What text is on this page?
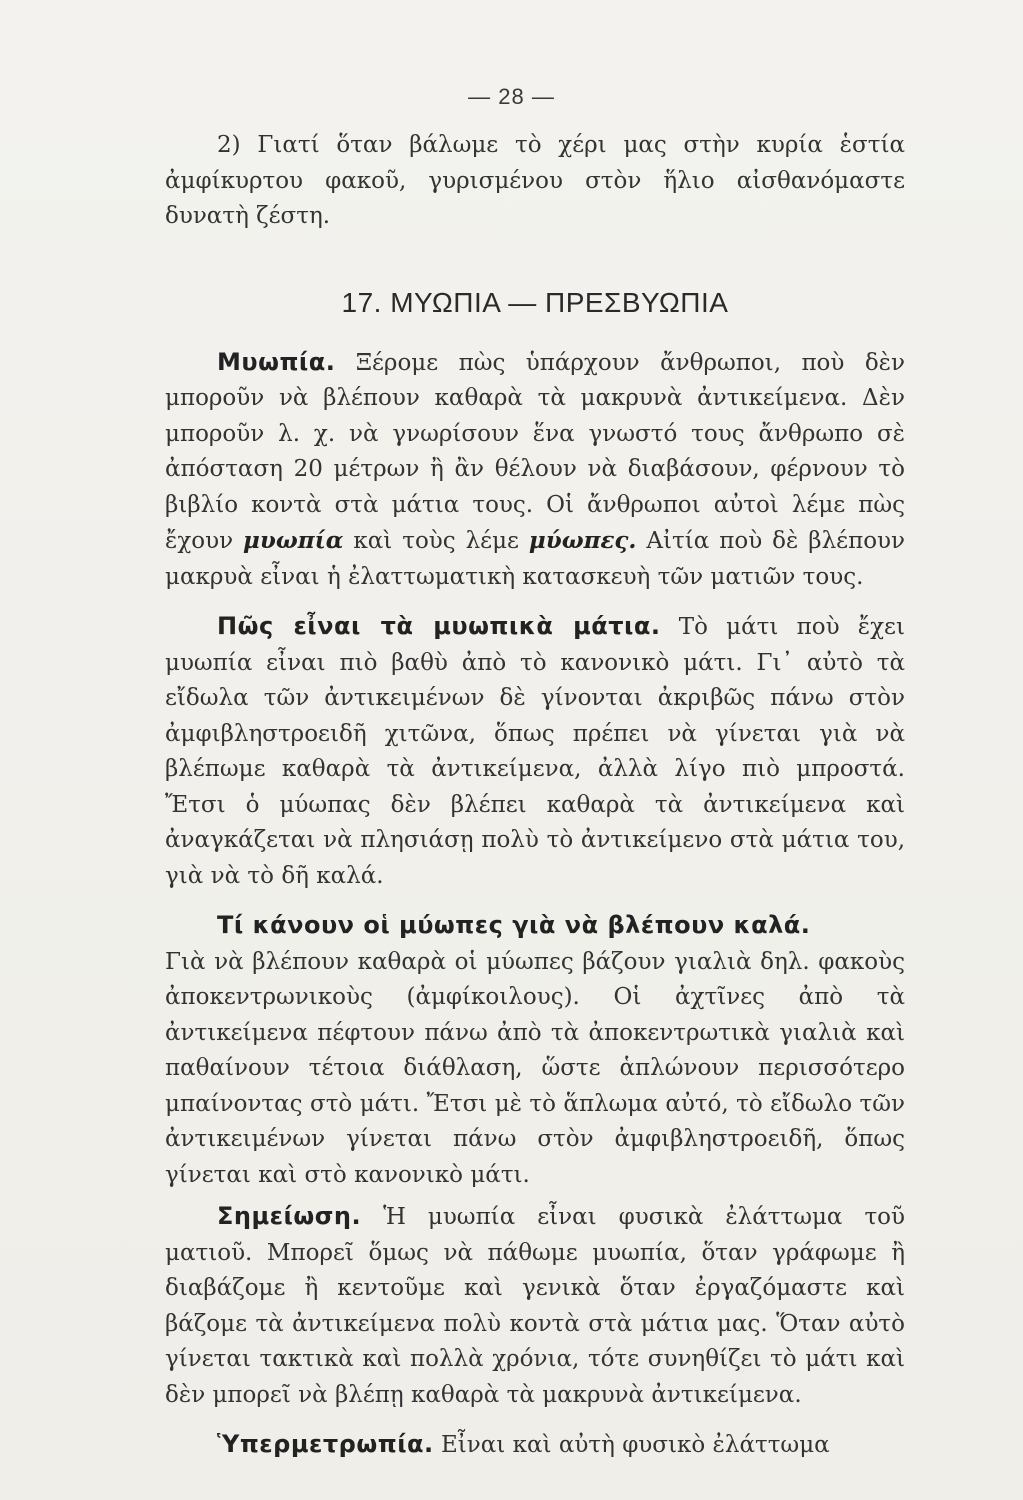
— 28 —

2) Γιατί ὅταν βάλωμε τὸ χέρι μας στὴν κυρία ἑστία ἀμφίκυρτου φακοῦ, γυρισμένου στὸν ἥλιο αἰσθανόμαστε δυνατὴ ζέστη.

17. ΜΥΩΠΙΑ — ΠΡΕΣΒΥΩΠΙΑ

Μυωπία. Ξέρομε πὼς ὑπάρχουν ἄνθρωποι, ποὺ δὲν μποροῦν νὰ βλέπουν καθαρὰ τὰ μακρυνὰ ἀντικείμενα. Δὲν μποροῦν λ. χ. νὰ γνωρίσουν ἕνα γνωστό τους ἄνθρωπο σὲ ἀπόσταση 20 μέτρων ἢ ἂν θέλουν νὰ διαβάσουν, φέρνουν τὸ βιβλίο κοντὰ στὰ μάτια τους. Οἱ ἄνθρωποι αὐτοὶ λέμε πὼς ἔχουν μυωπία καὶ τοὺς λέμε μύωπες. Αἰτία ποὺ δὲ βλέπουν μακρυὰ εἶναι ἡ ἐλαττωματικὴ κατασκευὴ τῶν ματιῶν τους.

Πῶς εἶναι τὰ μυωπικὰ μάτια. Τὸ μάτι ποὺ ἔχει μυωπία εἶναι πιὸ βαθὺ ἀπὸ τὸ κανονικὸ μάτι. Γι᾿ αὐτὸ τὰ εἴδωλα τῶν ἀντικειμένων δὲ γίνονται ἀκριβῶς πάνω στὸν ἀμφιβληστροειδῆ χιτῶνα, ὅπως πρέπει νὰ γίνεται γιὰ νὰ βλέπωμε καθαρὰ τὰ ἀντικείμενα, ἀλλὰ λίγο πιὸ μπροστά. Ἔτσι ὁ μύωπας δὲν βλέπει καθαρὰ τὰ ἀντικείμενα καὶ ἀναγκάζεται νὰ πλησιάσῃ πολὺ τὸ ἀντικείμενο στὰ μάτια του, γιὰ νὰ τὸ δῆ καλά.

Τί κάνουν οἱ μύωπες γιὰ νὰ βλέπουν καλά.

Γιὰ νὰ βλέπουν καθαρὰ οἱ μύωπες βάζουν γιαλιὰ δηλ. φακοὺς ἀποκεντρωνικοὺς (ἀμφίκοιλους). Οἱ ἀχτῖνες ἀπὸ τὰ ἀντικείμενα πέφτουν πάνω ἀπὸ τὰ ἀποκεντρωτικὰ γιαλιὰ καὶ παθαίνουν τέτοια διάθλαση, ὥστε ἁπλώνουν περισσότερο μπαίνοντας στὸ μάτι. Ἔτσι μὲ τὸ ἅπλωμα αὐτό, τὸ εἴδωλο τῶν ἀντικειμένων γίνεται πάνω στὸν ἀμφιβληστροειδῆ, ὅπως γίνεται καὶ στὸ κανονικὸ μάτι.

Σημείωση. Ἡ μυωπία εἶναι φυσικὰ ἐλάττωμα τοῦ ματιοῦ. Μπορεῖ ὅμως νὰ πάθωμε μυωπία, ὅταν γράφωμε ἢ διαβάζομε ἢ κεντοῦμε καὶ γενικὰ ὅταν ἐργαζόμαστε καὶ βάζομε τὰ ἀντικείμενα πολὺ κοντὰ στὰ μάτια μας. Ὅταν αὐτὸ γίνεται τακτικὰ καὶ πολλὰ χρόνια, τότε συνηθίζει τὸ μάτι καὶ δὲν μπορεῖ νὰ βλέπῃ καθαρὰ τὰ μακρυνὰ ἀντικείμενα.

Ὑπερμετρωπία. Εἶναι καὶ αὐτὴ φυσικὸ ἐλάττωμα
